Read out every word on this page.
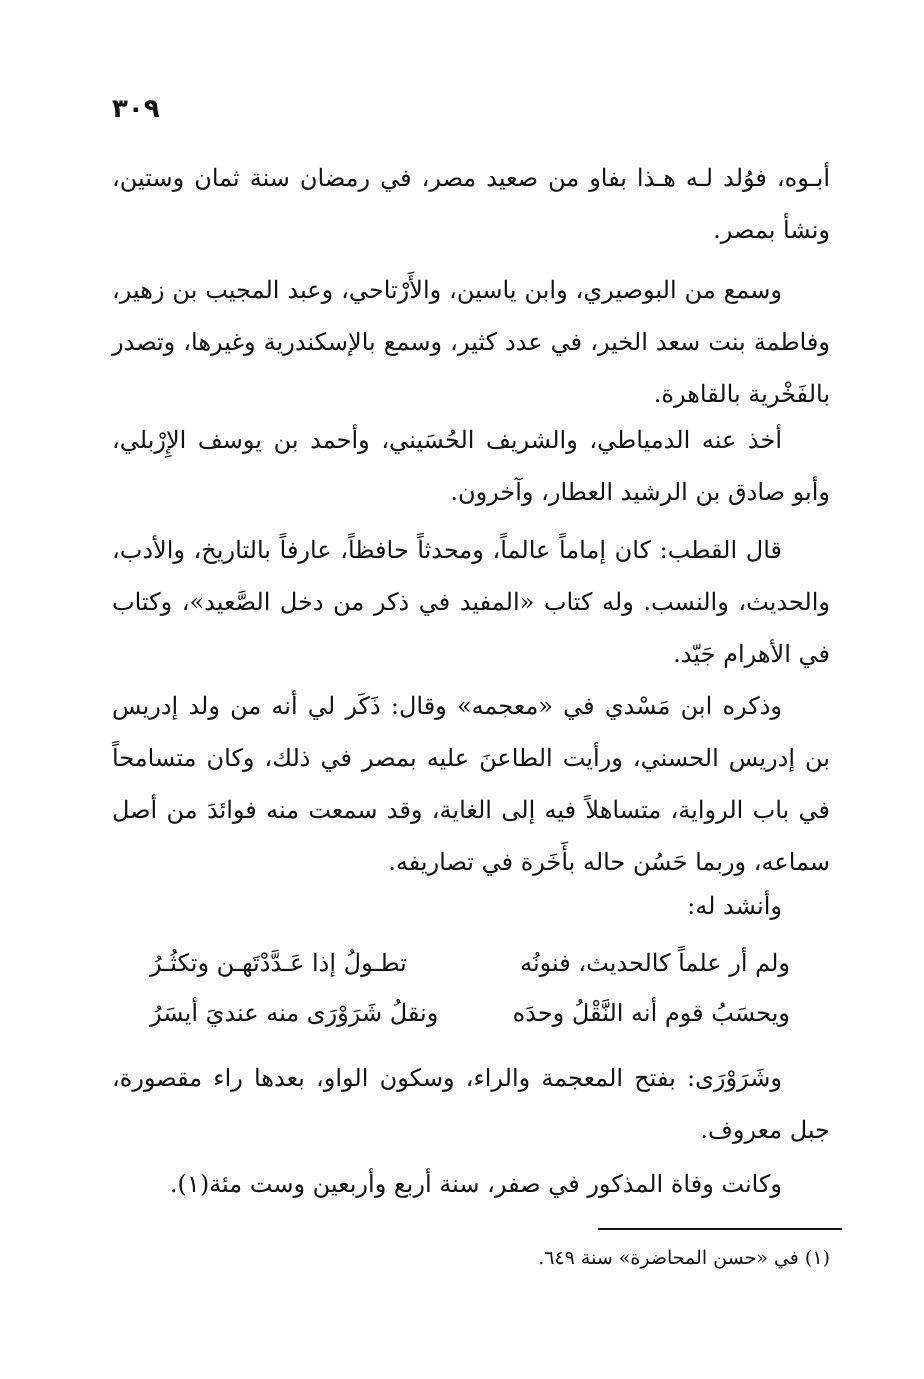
٣٠٩

أبـوه، فوُلد لـه هـذا بفاو من صعيد مصر، في رمضان سنة ثمان وستين، ونشأ بمصر.

وسمع من البوصيري، وابن ياسين، والأَرْتاحي، وعبد المجيب بن زهير، وفاطمة بنت سعد الخير، في عدد كثير، وسمع بالإسكندرية وغيرها، وتصدر بالفَخْرية بالقاهرة.

أخذ عنه الدمياطي، والشريف الحُسَيني، وأحمد بن يوسف الإِرْبلي، وأبو صادق بن الرشيد العطار، وآخرون.

قال القطب: كان إماماً عالماً، ومحدثاً حافظاً، عارفاً بالتاريخ، والأدب، والحديث، والنسب. وله كتاب «المفيد في ذكر من دخل الصَّعيد»، وكتاب في الأهرام جَيّد.

وذكره ابن مَسْدي في «معجمه» وقال: ذَكَر لي أنه من ولد إدريس بن إدريس الحسني، ورأيت الطاعنَ عليه بمصر في ذلك، وكان متسامحاً في باب الرواية، متساهلاً فيه إلى الغاية، وقد سمعت منه فوائدَ من أصل سماعه، وربما حَسُن حاله بأَخَرة في تصاريفه.

وأنشد له:

ولم أر علماً كالحديث، فنونُه
تطـولُ إذا عَـدَّدْتَهـن وتكثُـرُ
ويحسَبُ قوم أنه النَّقْلُ وحدَه
ونقلُ شَرَوْرَى منه عنديَ أيسَرُ

وشَرَوْرَى: بفتح المعجمة والراء، وسكون الواو، بعدها راء مقصورة، جبل معروف.

وكانت وفاة المذكور في صفر، سنة أربع وأربعين وست مئة(١).

(١) في «حسن المحاضرة» سنة ٦٤٩.
